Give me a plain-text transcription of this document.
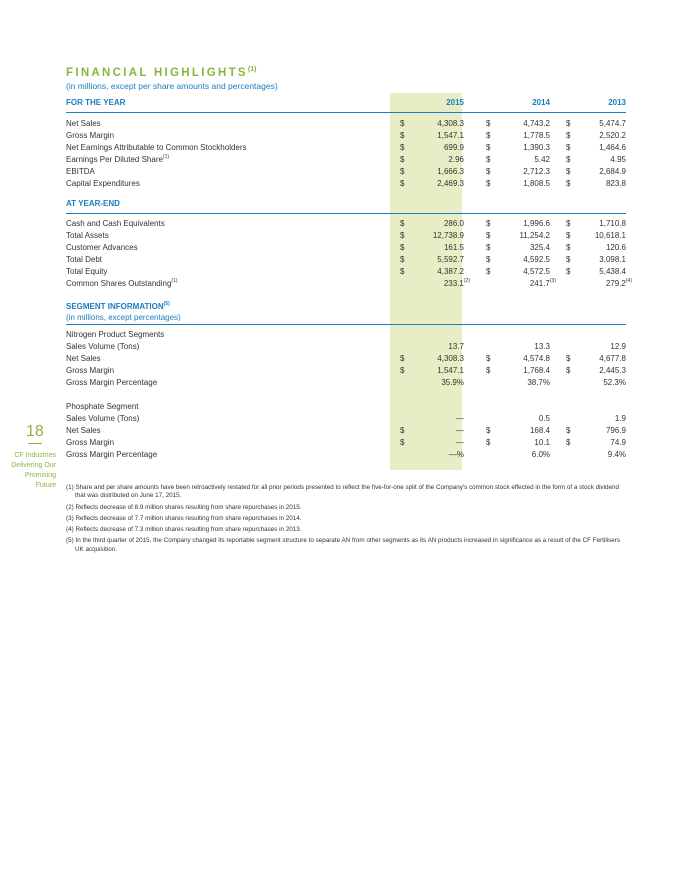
FINANCIAL HIGHLIGHTS$^{(1)}$
(in millions, except per share amounts and percentages)
FOR THE YEAR	2015	2014	2013
Net Sales	$	4,308.3	$	4,743.2 $	5,474.7
Gross Margin	$	1,547.1	$	1,778.5 $	2,520.2
Net Earnings Attributable to Common Stockholders	$	699.9	$	1,390.3 $	1,464.6
Earnings Per Diluted Share$^{(1)}$	$	2.96	$	5.42 $	4.95
EBITDA	$	1,666.3	$	2,712.3 $	2,684.9
Capital Expenditures	$	2,469.3	$	1,808.5 $	823.8
AT YEAR-END
Cash and Cash Equivalents	$	286.0	$	1,996.6 $	1,710.8
Total Assets	$	12,738.9	$	11,254.2 $	10,618.1
Customer Advances	$	161.5	$	325.4 $	120.6
Total Debt	$	5,592.7	$	4,592.5 $	3,098.1
Total Equity	$	4,387.2	$	4,572.5 $	5,438.4
Common Shares Outstanding$^{(1)}$	233.1$^{(2)}$	241.7$^{(3)}$	279.2$^{(4)}$
SEGMENT INFORMATION$^{(5)}$
(in millions, except percentages)
Nitrogen Product Segments
Sales Volume (Tons)	13.7	13.3	12.9
Net Sales	$	4,308.3	$	4,574.8 $	4,677.8
Gross Margin	$	1,547.1	$	1,768.4 $	2,445.3
Gross Margin Percentage	35.9%	38.7%	52.3%
Phosphate Segment
Sales Volume (Tons)	—	0.5	1.9
Net Sales	$	—	$	168.4 $	796.9
Gross Margin	$	—	$	10.1 $	74.9
Gross Margin Percentage	—%	6.0%	9.4%
18
CF Industries
Delivering Our
Promising
Future (1) Share and per share amounts have been retroactively restated for all prior periods presented to reflect the five-for-one split of the Company's common stock effected in the form of a stock dividend that was distributed on June 17, 2015.
(2) Reflects decrease of 8.9 million shares resulting from share repurchases in 2015.
(3) Reflects decrease of 7.7 million shares resulting from share repurchases in 2014.
(4) Reflects decrease of 7.3 million shares resulting from share repurchases in 2013.
(5) In the third quarter of 2015, the Company changed its reportable segment structure to separate AN from other segments as its AN products increased in significance as a result of the CF Fertilisers UK acquisition.
